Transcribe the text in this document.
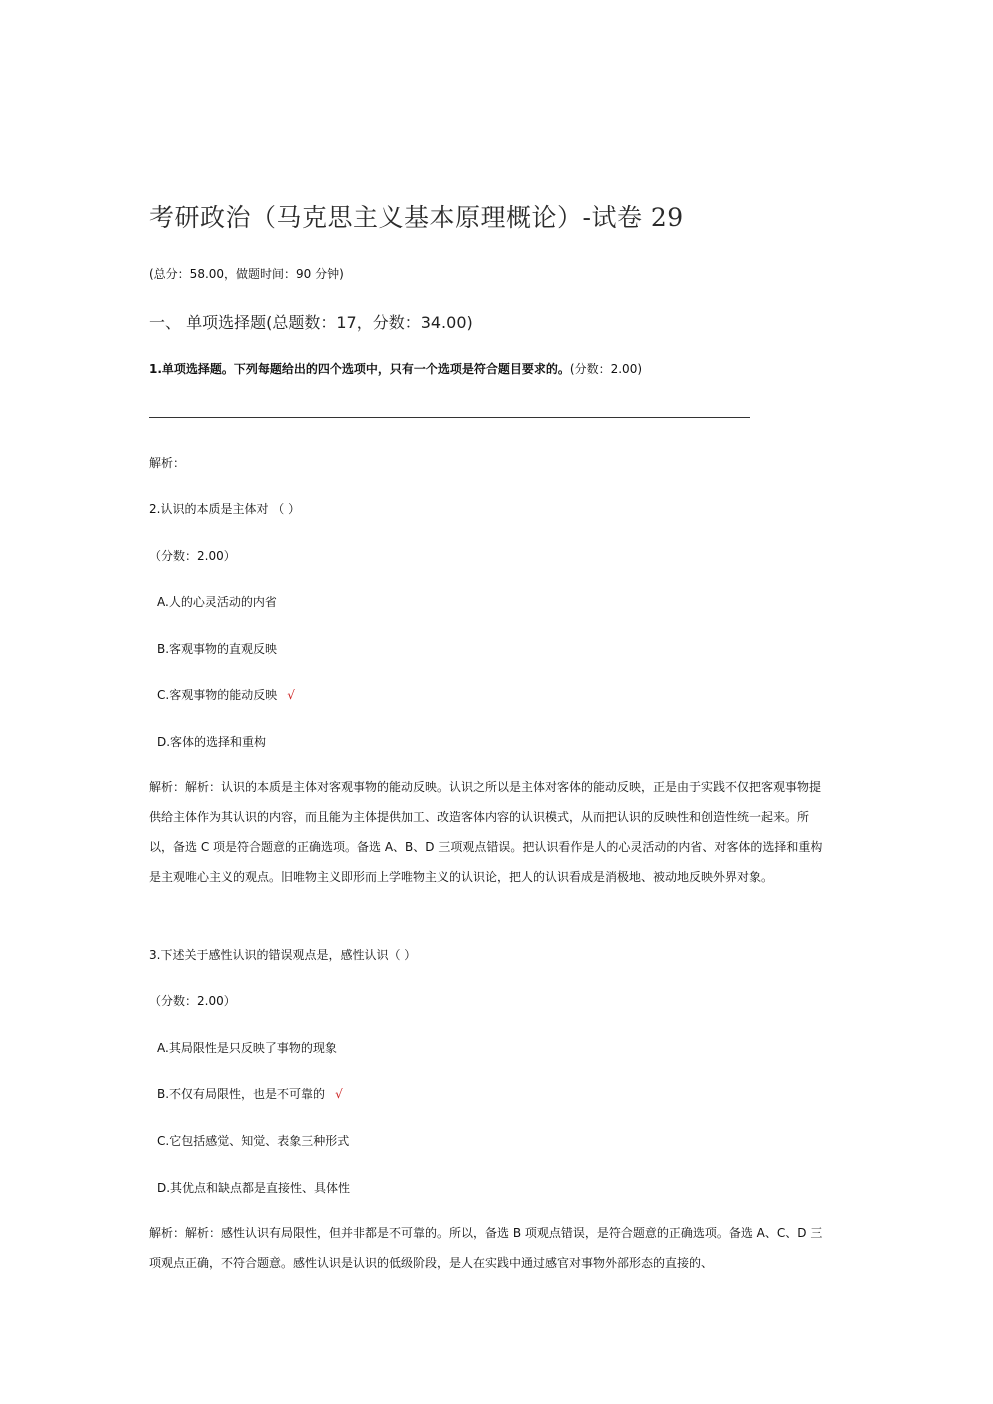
考研政治（马克思主义基本原理概论）-试卷 29
(总分：58.00，做题时间：90 分钟)
一、 单项选择题(总题数：17，分数：34.00)
1.单项选择题。下列每题给出的四个选项中，只有一个选项是符合题目要求的。(分数：2.00)
解析：
2.认识的本质是主体对 （ ）
（分数：2.00）
A.人的心灵活动的内省
B.客观事物的直观反映
C.客观事物的能动反映 √
D.客体的选择和重构
解析：解析：认识的本质是主体对客观事物的能动反映。认识之所以是主体对客体的能动反映，正是由于实践不仅把客观事物提供给主体作为其认识的内容，而且能为主体提供加工、改造客体内容的认识模式，从而把认识的反映性和创造性统一起来。所以，备选 C 项是符合题意的正确选项。备选 A、B、D 三项观点错误。把认识看作是人的心灵活动的内省、对客体的选择和重构是主观唯心主义的观点。旧唯物主义即形而上学唯物主义的认识论，把人的认识看成是消极地、被动地反映外界对象。
3.下述关于感性认识的错误观点是，感性认识（ ）
（分数：2.00）
A.其局限性是只反映了事物的现象
B.不仅有局限性，也是不可靠的 √
C.它包括感觉、知觉、表象三种形式
D.其优点和缺点都是直接性、具体性
解析：解析：感性认识有局限性，但并非都是不可靠的。所以，备选 B 项观点错误，是符合题意的正确选项。备选 A、C、D 三项观点正确，不符合题意。感性认识是认识的低级阶段，是人在实践中通过感官对事物外部形态的直接的、
